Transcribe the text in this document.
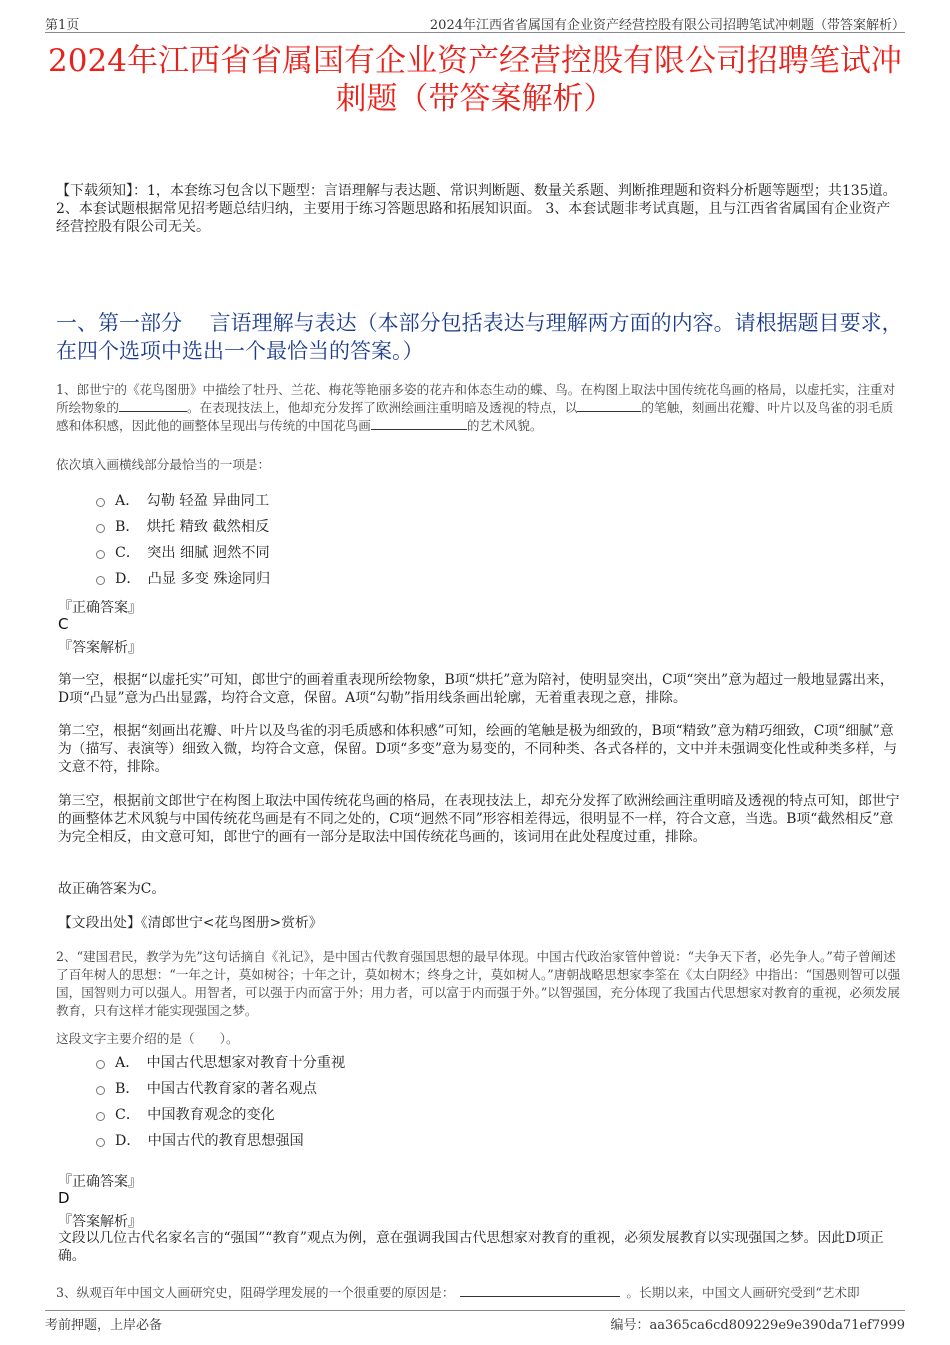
第1页	2024年江西省省属国有企业资产经营控股有限公司招聘笔试冲刺题（带答案解析）
2024年江西省省属国有企业资产经营控股有限公司招聘笔试冲
刺题（带答案解析）
【下载须知】：1，本套练习包含以下题型：言语理解与表达题、常识判断题、数量关系题、判断推理题和资料分析题等题型；共135道。 2、本套试题根据常见招考题总结归纳，主要用于练习答题思路和拓展知识面。 3、本套试题非考试真题，且与江西省省属国有企业资产经营控股有限公司无关。
一、第一部分　 言语理解与表达（本部分包括表达与理解两方面的内容。请根据题目要求，在四个选项中选出一个最恰当的答案。）
1、郎世宁的《花鸟图册》中描绘了牡丹、兰花、梅花等艳丽多姿的花卉和体态生动的蝶、鸟。在构图上取法中国传统花鸟画的格局，以虚托实，注重对所绘物象的	。在表现技法上，他却充分发挥了欧洲绘画注重明暗及透视的特点，以	的笔触，刻画出花瓣、叶片以及鸟雀的羽毛质感和体积感，因此他的画整体呈现出与传统的中国花鸟画	的艺术风貌。
依次填入画横线部分最恰当的一项是：
A．　勾勒 轻盈 异曲同工
B．　烘托 精致 截然相反
C．　突出 细腻 迥然不同
D．　凸显 多变 殊途同归
『正确答案』
C
『答案解析』
第一空，根据“以虚托实”可知，郎世宁的画着重表现所绘物象，B项“烘托”意为陪衬，使明显突出，C项“突出”意为超过一般地显露出来，D项“凸显”意为凸出显露，均符合文意，保留。A项“勾勒”指用线条画出轮廓，无着重表现之意，排除。
第二空，根据“刻画出花瓣、叶片以及鸟雀的羽毛质感和体积感”可知，绘画的笔触是极为细致的，B项“精致”意为精巧细致，C项“细腻”意为（描写、表演等）细致入微，均符合文意，保留。D项“多变”意为易变的，不同种类、各式各样的，文中并未强调变化性或种类多样，与文意不符，排除。
第三空，根据前文郎世宁在构图上取法中国传统花鸟画的格局，在表现技法上，却充分发挥了欧洲绘画注重明暗及透视的特点可知，郎世宁的画整体艺术风貌与中国传统花鸟画是有不同之处的，C项“迥然不同”形容相差得远，很明显不一样，符合文意，当选。B项“截然相反”意为完全相反，由文意可知，郎世宁的画有一部分是取法中国传统花鸟画的，该词用在此处程度过重，排除。
故正确答案为C。
【文段出处】《清郎世宁<花鸟图册>赏析》
2、“建国君民，教学为先”这句话摘自《礼记》，是中国古代教育强国思想的最早体现。中国古代政治家管仲曾说：“夫争天下者，必先争人。”荀子曾阐述了百年树人的思想：“一年之计，莫如树谷；十年之计，莫如树木；终身之计，莫如树人。”唐朝战略思想家李筌在《太白阴经》中指出：“国愚则智可以强国，国智则力可以强人。用智者，可以强于内而富于外；用力者，可以富于内而强于外。”以智强国，充分体现了我国古代思想家对教育的重视，必须发展教育，只有这样才能实现强国之梦。
这段文字主要介绍的是（　　）。
A．　中国古代思想家对教育十分重视
B．　中国古代教育家的著名观点
C．　中国教育观念的变化
D．　中国古代的教育思想强国
『正确答案』
D
『答案解析』
文段以几位古代名家名言的“强国”“教育”观点为例，意在强调我国古代思想家对教育的重视，必须发展教育以实现强国之梦。因此D项正确。
3、纵观百年中国文人画研究史，阻碍学理发展的一个很重要的原因是：	。长期以来，中国文人画研究受到“艺术即
考前押题，上岸必备	编号：aa365ca6cd809229e9e390da71ef7999
